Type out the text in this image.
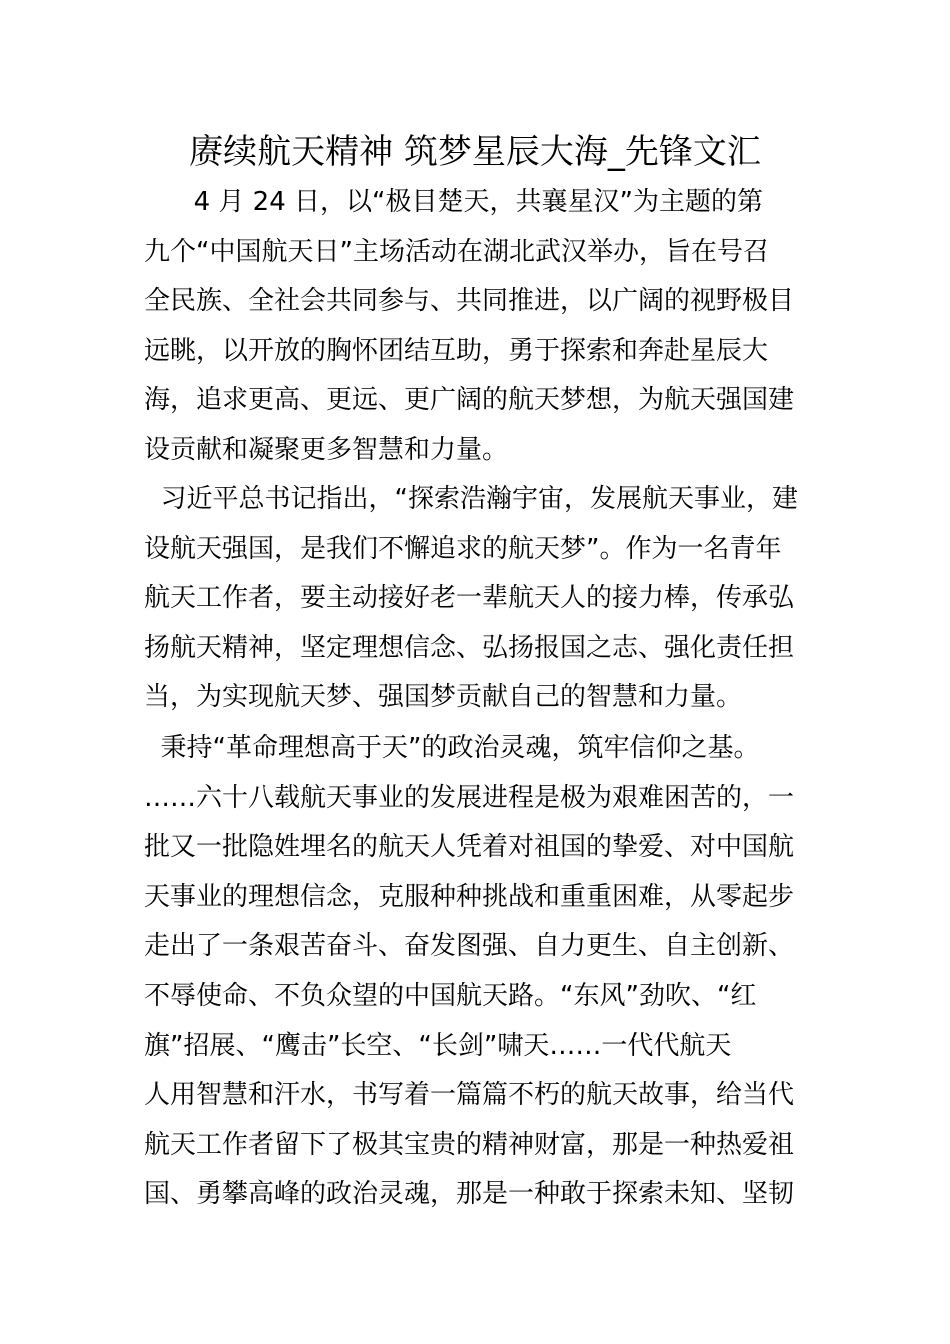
赓续航天精神 筑梦星辰大海_先锋文汇
4 月 24 日，以“极目楚天，共襄星汉”为主题的第
九个“中国航天日”主场活动在湖北武汉举办，旨在号召
全民族、全社会共同参与、共同推进，以广阔的视野极目
远眺，以开放的胸怀团结互助，勇于探索和奔赴星辰大
海，追求更高、更远、更广阔的航天梦想，为航天强国建
设贡献和凝聚更多智慧和力量。
习近平总书记指出，“探索浩瀚宇宙，发展航天事业，建
设航天强国，是我们不懈追求的航天梦”。作为一名青年
航天工作者，要主动接好老一辈航天人的接力棒，传承弘
扬航天精神，坚定理想信念、弘扬报国之志、强化责任担
当，为实现航天梦、强国梦贡献自己的智慧和力量。
秉持“革命理想高于天”的政治灵魂，筑牢信仰之基。
……六十八载航天事业的发展进程是极为艰难困苦的，一
批又一批隐姓埋名的航天人凭着对祖国的挚爱、对中国航
天事业的理想信念，克服种种挑战和重重困难，从零起步
走出了一条艰苦奋斗、奋发图强、自力更生、自主创新、
不辱使命、不负众望的中国航天路。“东风”劲吹、“红
旗”招展、“鹰击”长空、“长剑”啸天……一代代航天
人用智慧和汗水，书写着一篇篇不朽的航天故事，给当代
航天工作者留下了极其宝贵的精神财富，那是一种热爱祖
国、勇攀高峰的政治灵魂，那是一种敢于探索未知、坚韧
